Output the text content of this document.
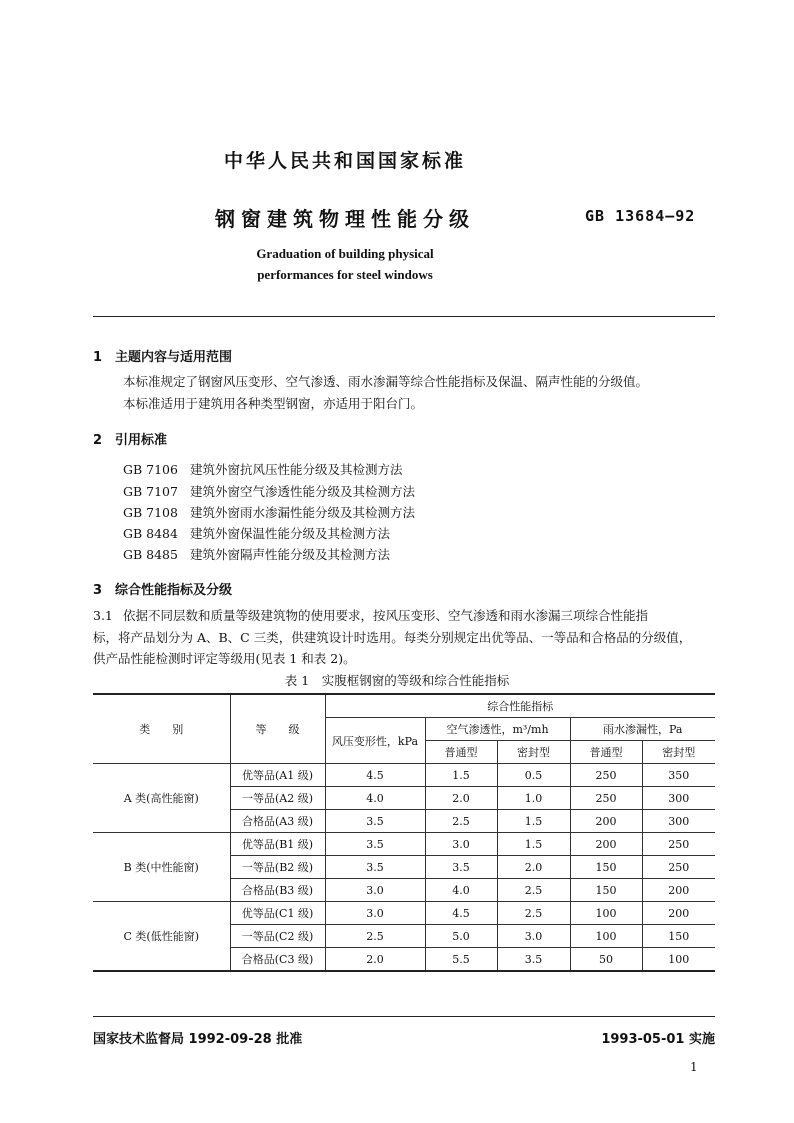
中华人民共和国国家标准
钢窗建筑物理性能分级	GB 13684—92
Graduation of building physical
performances for steel windows
1 主题内容与适用范围
本标准规定了钢窗风压变形、空气渗透、雨水渗漏等综合性能指标及保温、隔声性能的分级值。
本标准适用于建筑用各种类型钢窗，亦适用于阳台门。
2 引用标准
GB 7106 建筑外窗抗风压性能分级及其检测方法
GB 7107 建筑外窗空气渗透性能分级及其检测方法
GB 7108 建筑外窗雨水渗漏性能分级及其检测方法
GB 8484 建筑外窗保温性能分级及其检测方法
GB 8485 建筑外窗隔声性能分级及其检测方法
3 综合性能指标及分级
3.1 依据不同层数和质量等级建筑物的使用要求，按风压变形、空气渗透和雨水渗漏三项综合性能指
标，将产品划分为 A、B、C 三类，供建筑设计时选用。每类分别规定出优等品、一等品和合格品的分级值，
供产品性能检测时评定等级用(见表 1 和表 2)。
表 1　实腹框钢窗的等级和综合性能指标
类　　别	等　　级	综合性能指标				
		风压变形性，kPa	空气渗透性，m³/mh		雨水渗漏性，Pa	
			普通型	密封型	普通型	密封型
A 类(高性能窗)	优等品(A1 级)	4.5	1.5	0.5	250	350
	一等品(A2 级)	4.0	2.0	1.0	250	300
	合格品(A3 级)	3.5	2.5	1.5	200	300
B 类(中性能窗)	优等品(B1 级)	3.5	3.0	1.5	200	250
	一等品(B2 级)	3.5	3.5	2.0	150	250
	合格品(B3 级)	3.0	4.0	2.5	150	200
C 类(低性能窗)	优等品(C1 级)	3.0	4.5	2.5	100	200
	一等品(C2 级)	2.5	5.0	3.0	100	150
	合格品(C3 级)	2.0	5.5	3.5	50	100
国家技术监督局 1992-09-28 批准	1993-05-01 实施
1
